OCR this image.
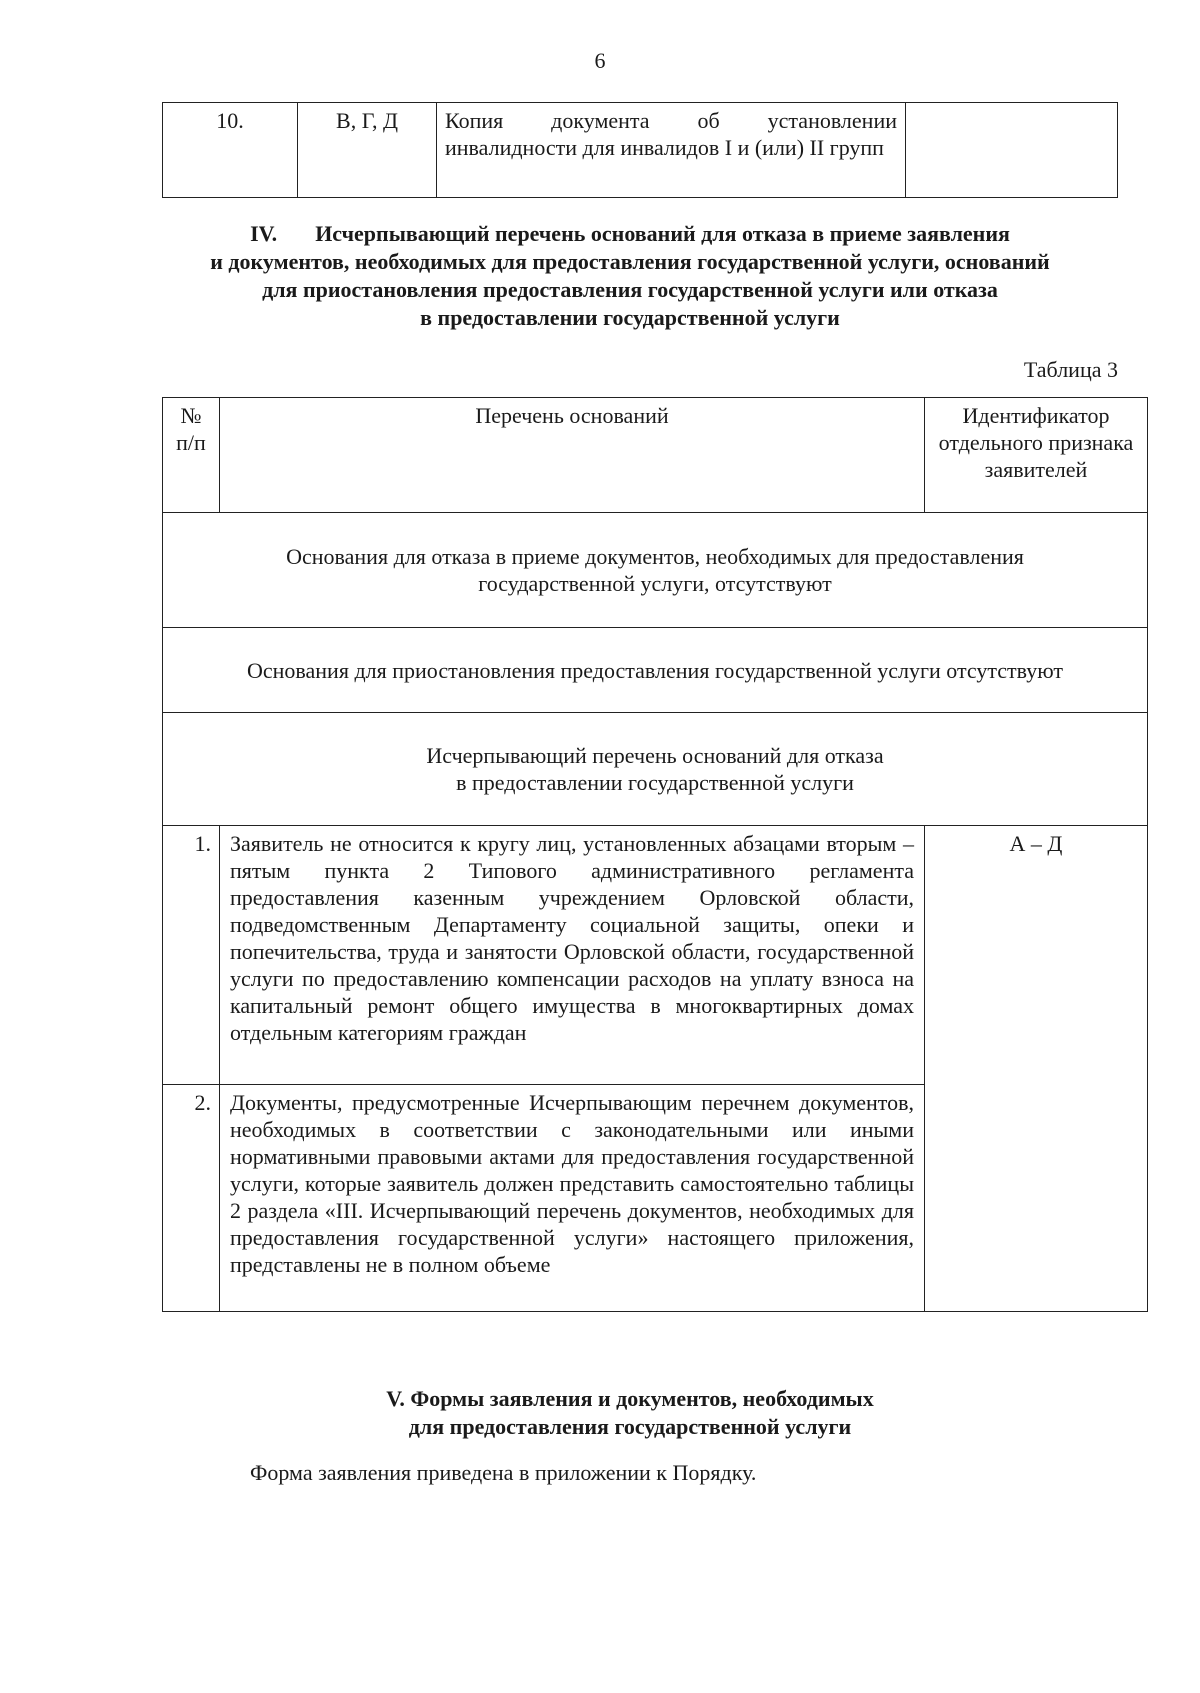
6
10.	В, Г, Д	Копия документа об установлении инвалидности для инвалидов I и (или) II групп	
IV. Исчерпывающий перечень оснований для отказа в приеме заявления
и документов, необходимых для предоставления государственной услуги, оснований
для приостановления предоставления государственной услуги или отказа
в предоставлении государственной услуги
Таблица 3
№
п/п	Перечень оснований	Идентификатор отдельного признака заявителей

Основания для отказа в приеме документов, необходимых для предоставления
государственной услуги, отсутствуют		

Основания для приостановления предоставления государственной услуги отсутствуют		

Исчерпывающий перечень оснований для отказа
в предоставлении государственной услуги		

1.	Заявитель не относится к кругу лиц, установленных абзацами вторым – пятым пункта 2 Типового административного регламента предоставления казенным учреждением Орловской области, подведомственным Департаменту социальной защиты, опеки и попечительства, труда и занятости Орловской области, государственной услуги по предоставлению компенсации расходов на уплату взноса на капитальный ремонт общего имущества в многоквартирных домах отдельным категориям граждан	А – Д
2.	Документы, предусмотренные Исчерпывающим перечнем документов, необходимых в соответствии с законодательными или иными нормативными правовыми актами для предоставления государственной услуги, которые заявитель должен представить самостоятельно таблицы 2 раздела «III. Исчерпывающий перечень документов, необходимых для предоставления государственной услуги» настоящего приложения, представлены не в полном объеме	
V. Формы заявления и документов, необходимых
для предоставления государственной услуги
Форма заявления приведена в приложении к Порядку.
